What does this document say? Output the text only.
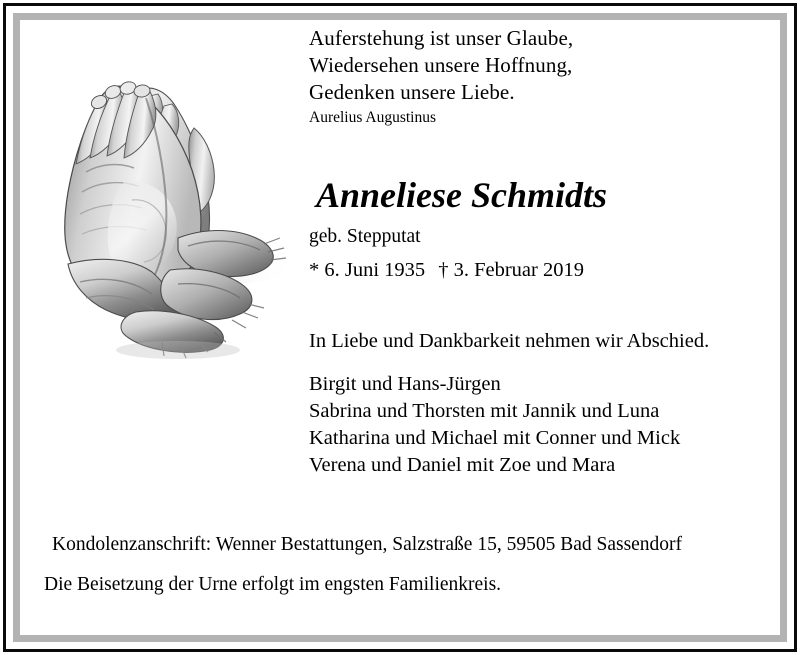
Auferstehung ist unser Glaube,
Wiedersehen unsere Hoffnung,
Gedenken unsere Liebe.
Aurelius Augustinus
Anneliese Schmidts
geb. Stepputat
* 6. Juni 1935 † 3. Februar 2019
In Liebe und Dankbarkeit nehmen wir Abschied.
Birgit und Hans-Jürgen
Sabrina und Thorsten mit Jannik und Luna
Katharina und Michael mit Conner und Mick
Verena und Daniel mit Zoe und Mara
Kondolenzanschrift: Wenner Bestattungen, Salzstraße 15, 59505 Bad Sassendorf
Die Beisetzung der Urne erfolgt im engsten Familienkreis.
